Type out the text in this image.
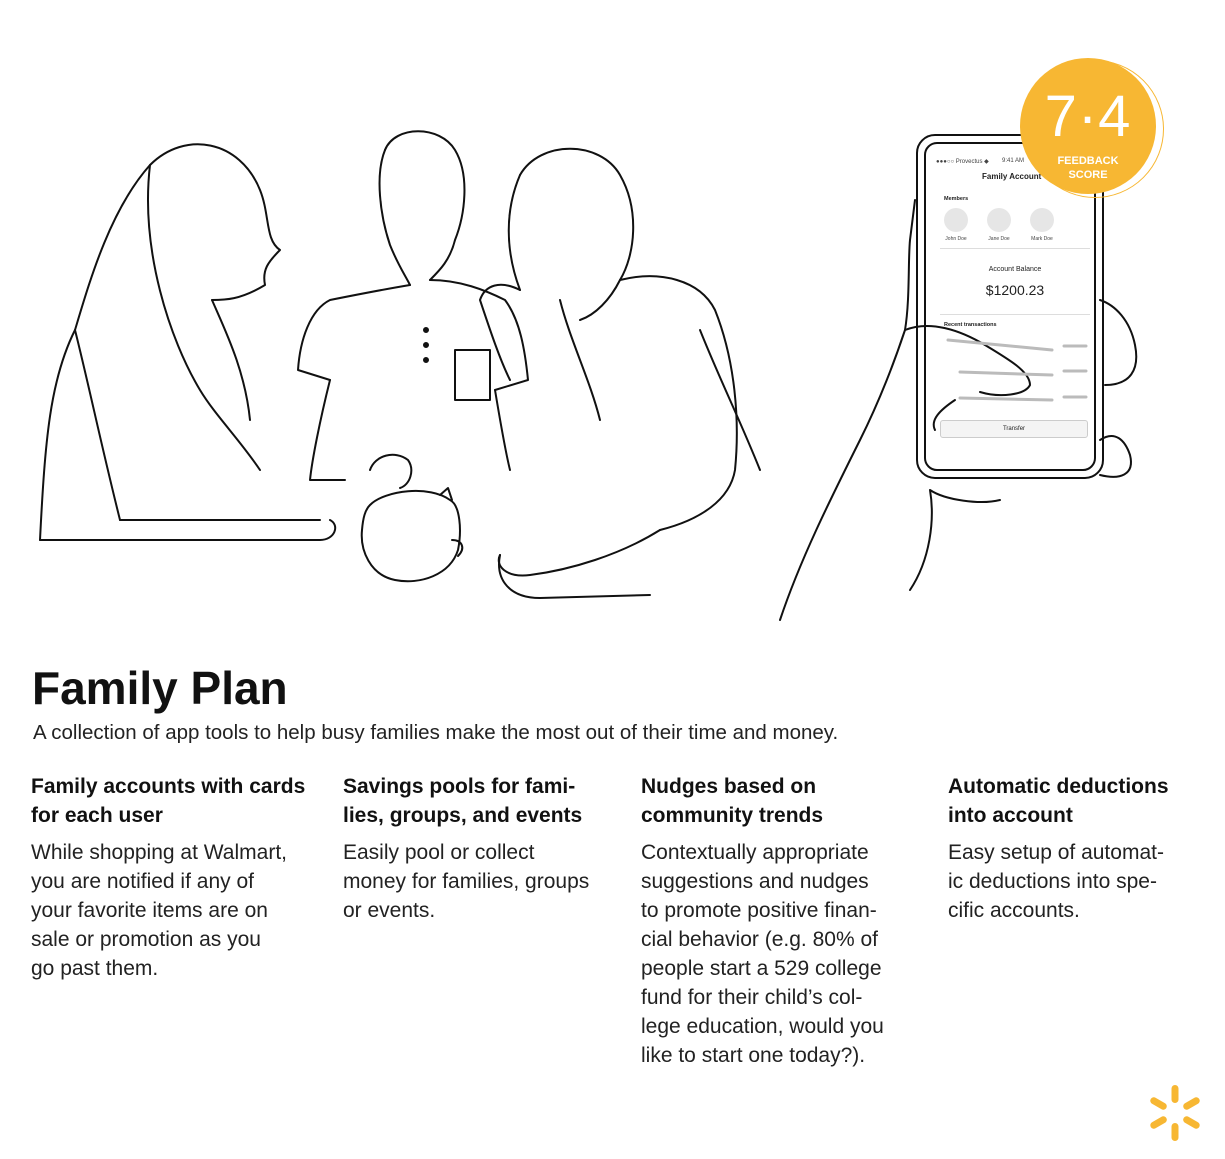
●●●○○ Provectus ◆ 9:41 AM
Family Account
Members
John Doe	Jane Doe	Mark Doe
Account Balance
$1200.23
Recent transactions
Transfer
7·4
FEEDBACK
SCORE
Family Plan

A collection of app tools to help busy families make the most out of their time and money.

Family accounts with cards
for each user

While shopping at Walmart,
you are notified if any of
your favorite items are on
sale or promotion as you
go past them.

Savings pools for fami-
lies, groups, and events

Easily pool or collect
money for families, groups
or events.

Nudges based on
community trends

Contextually appropriate
suggestions and nudges
to promote positive finan-
cial behavior (e.g. 80% of
people start a 529 college
fund for their child’s col-
lege education, would you
like to start one today?).

Automatic deductions
into account

Easy setup of automat-
ic deductions into spe-
cific accounts.
